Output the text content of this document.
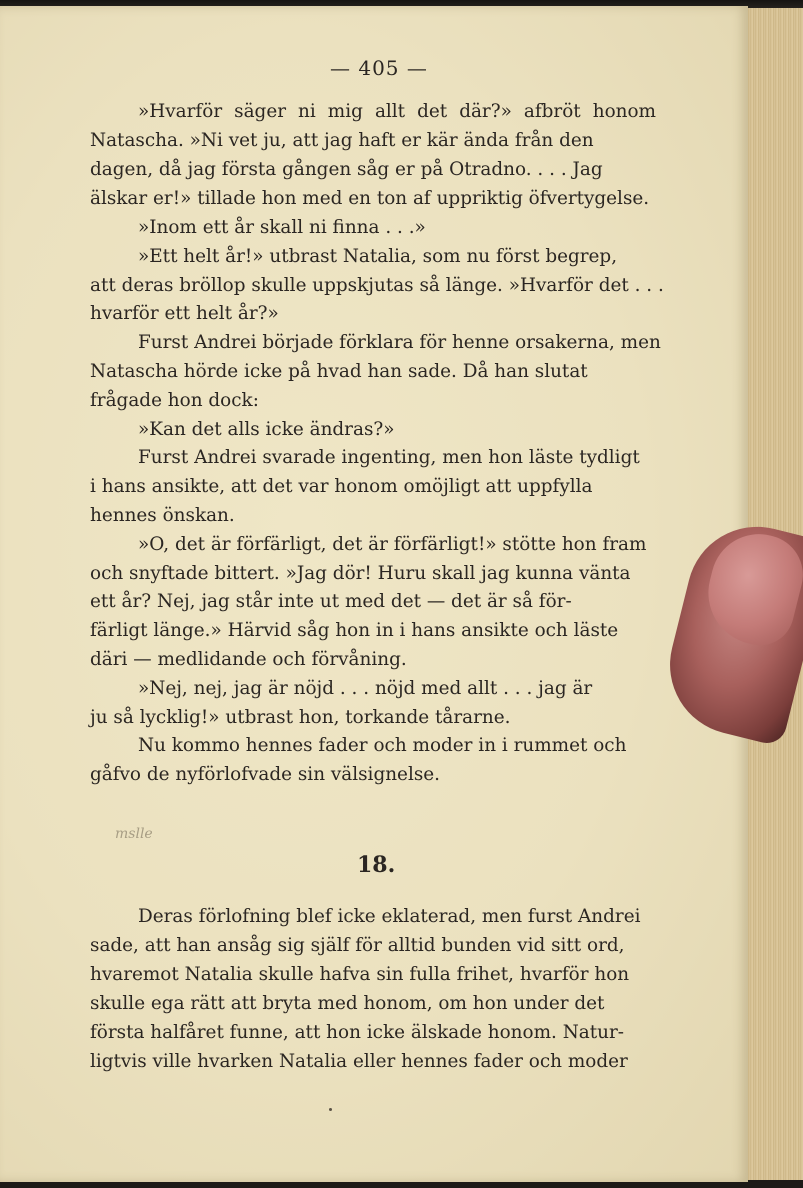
— 405 —
»Hvarför säger ni mig allt det där?» afbröt honom
Natascha. »Ni vet ju, att jag haft er kär ända från den
dagen, då jag första gången såg er på Otradno. . . . Jag
älskar er!» tillade hon med en ton af uppriktig öfvertygelse.
»Inom ett år skall ni finna . . .»
»Ett helt år!» utbrast Natalia, som nu först begrep,
att deras bröllop skulle uppskjutas så länge. »Hvarför det . . .
hvarför ett helt år?»
Furst Andrei började förklara för henne orsakerna, men
Natascha hörde icke på hvad han sade. Då han slutat
frågade hon dock:
»Kan det alls icke ändras?»
Furst Andrei svarade ingenting, men hon läste tydligt
i hans ansikte, att det var honom omöjligt att uppfylla
hennes önskan.
»O, det är förfärligt, det är förfärligt!» stötte hon fram
och snyftade bittert. »Jag dör! Huru skall jag kunna vänta
ett år? Nej, jag står inte ut med det — det är så för-
färligt länge.» Härvid såg hon in i hans ansikte och läste
däri — medlidande och förvåning.
»Nej, nej, jag är nöjd . . . nöjd med allt . . . jag är
ju så lycklig!» utbrast hon, torkande tårarne.
Nu kommo hennes fader och moder in i rummet och
gåfvo de nyförlofvade sin välsignelse.
mslle
18.
Deras förlofning blef icke eklaterad, men furst Andrei
sade, att han ansåg sig själf för alltid bunden vid sitt ord,
hvaremot Natalia skulle hafva sin fulla frihet, hvarför hon
skulle ega rätt att bryta med honom, om hon under det
första halfåret funne, att hon icke älskade honom. Natur-
ligtvis ville hvarken Natalia eller hennes fader och moder
